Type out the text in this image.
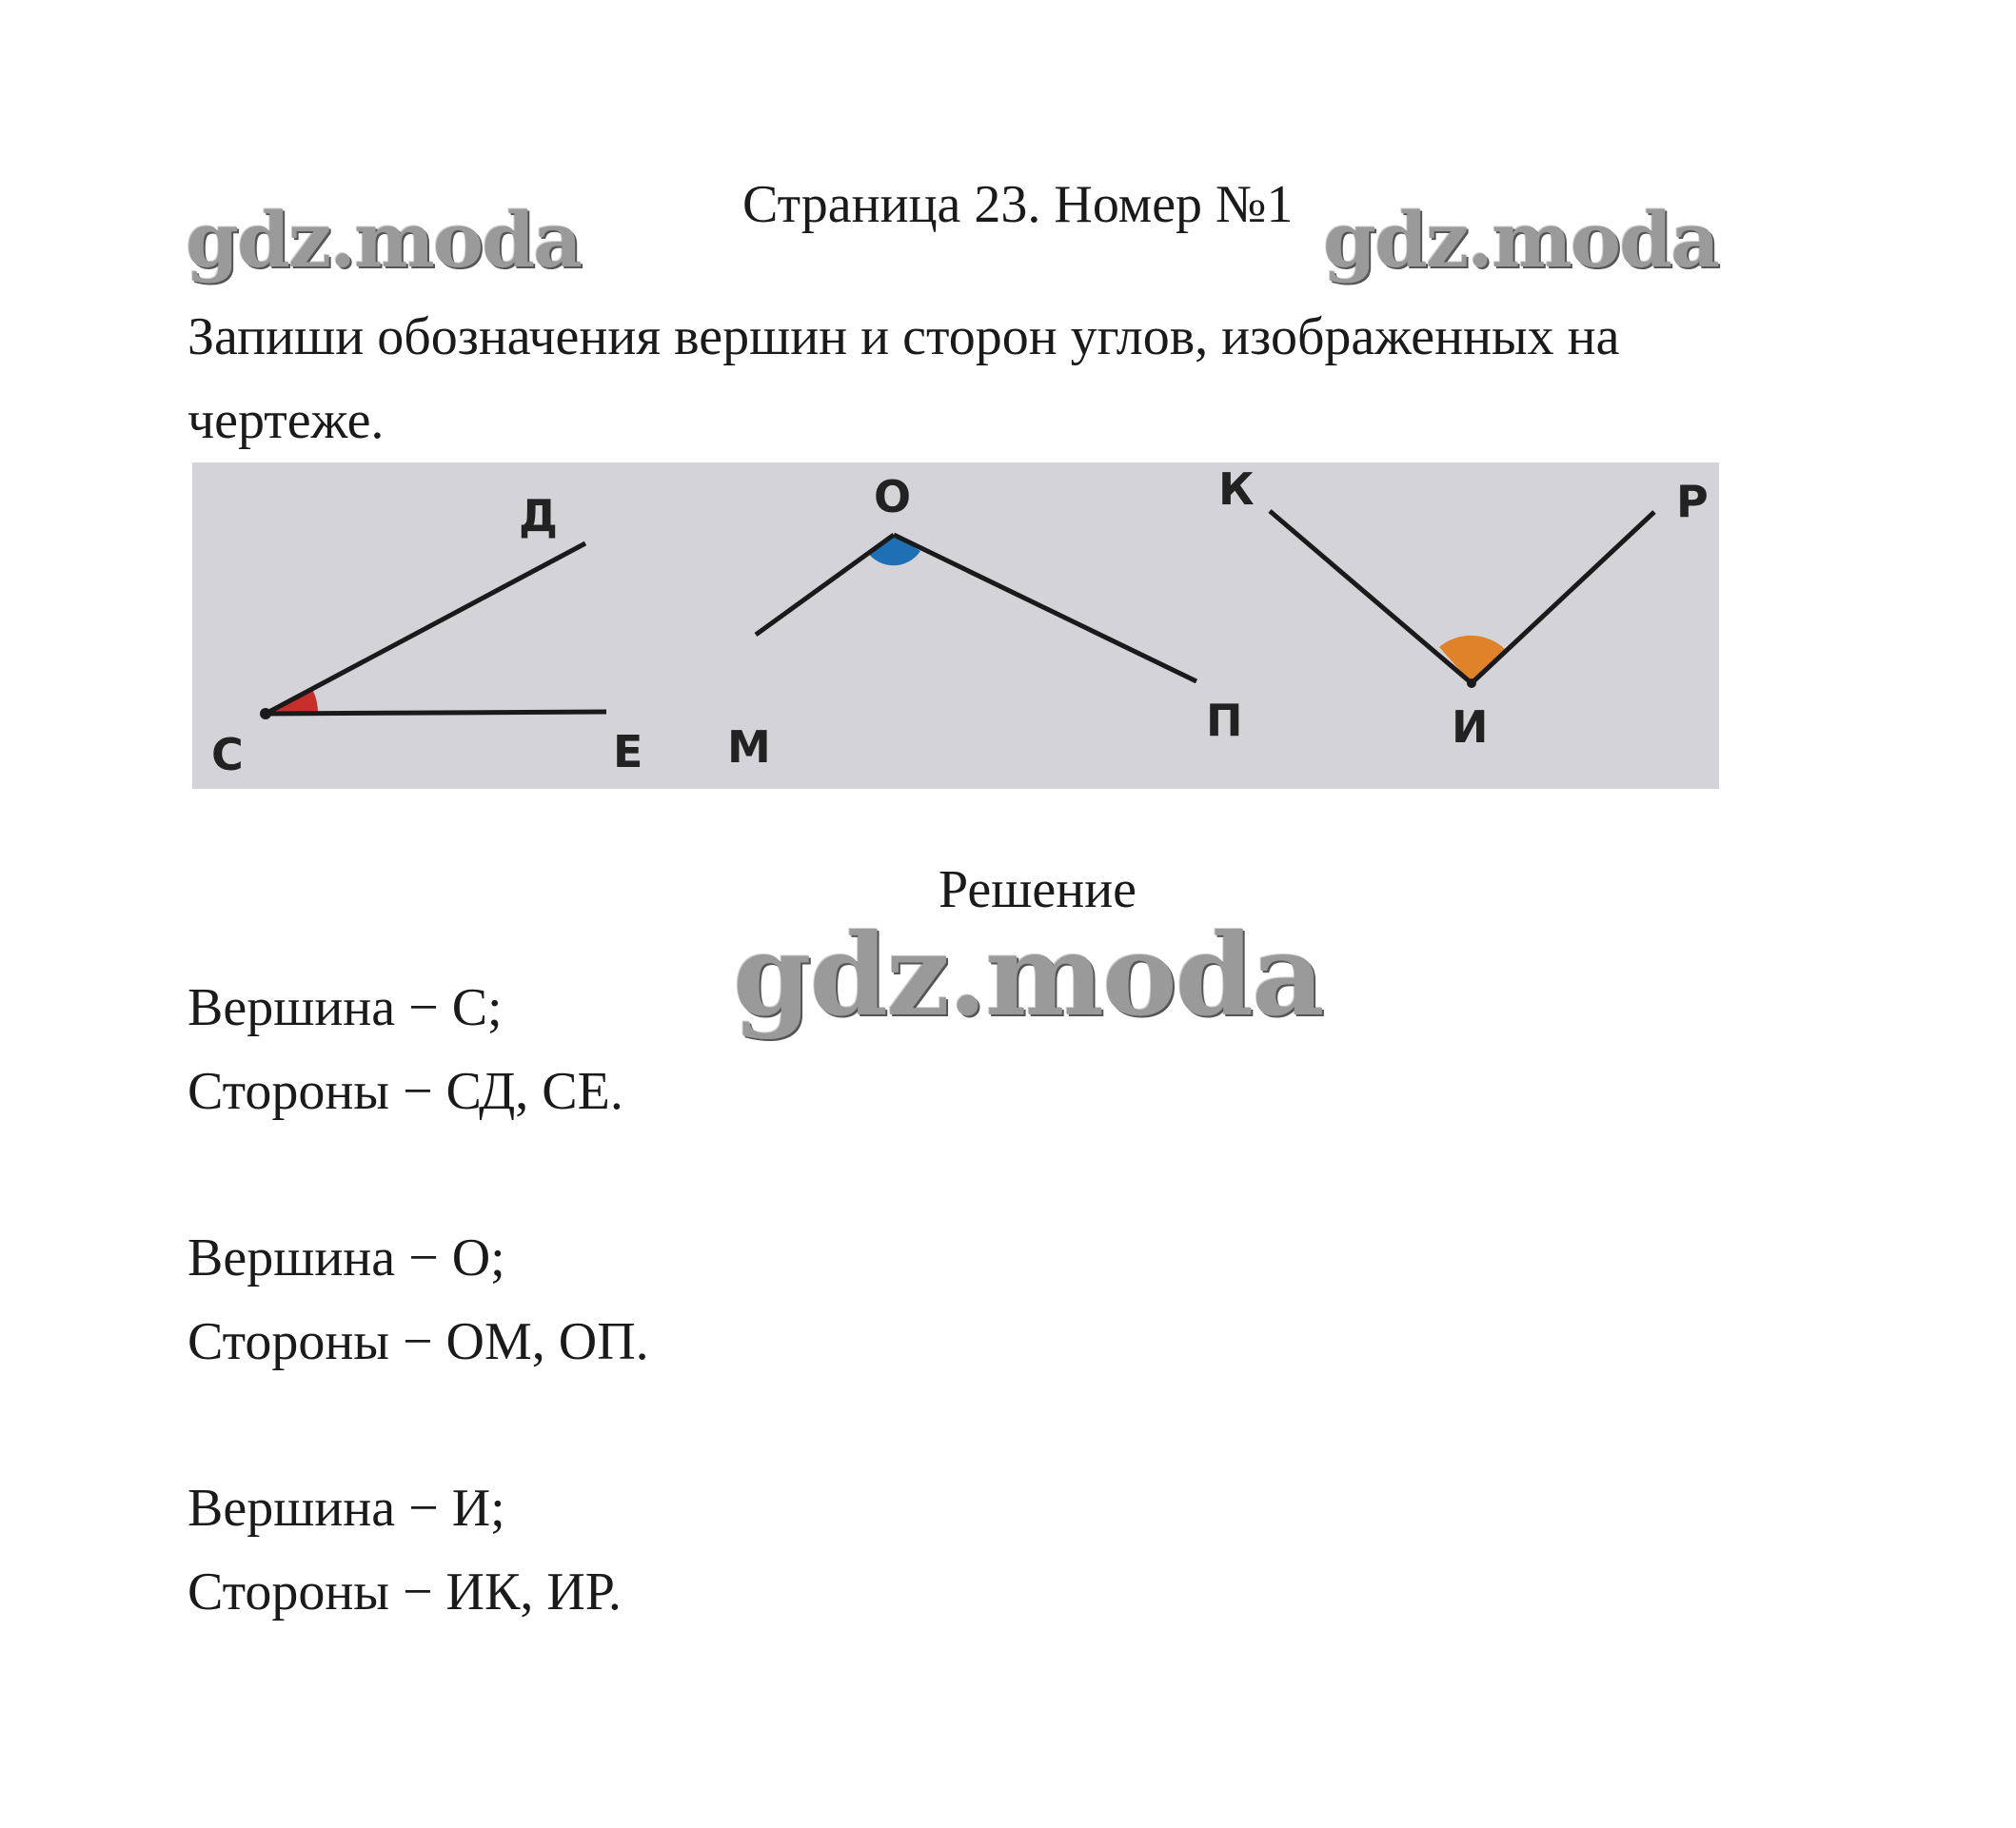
Страница 23. Номер №1
gdz.moda	gdz.moda
Запиши обозначения вершин и сторон углов, изображенных на чертеже.
С
Д
Е
О
М
П	И
К	Р
Решение
gdz.moda
Вершина − С;
Стороны − СД, СЕ.
Вершина − О;
Стороны − ОМ, ОП.
Вершина − И;
Стороны − ИК, ИР.
